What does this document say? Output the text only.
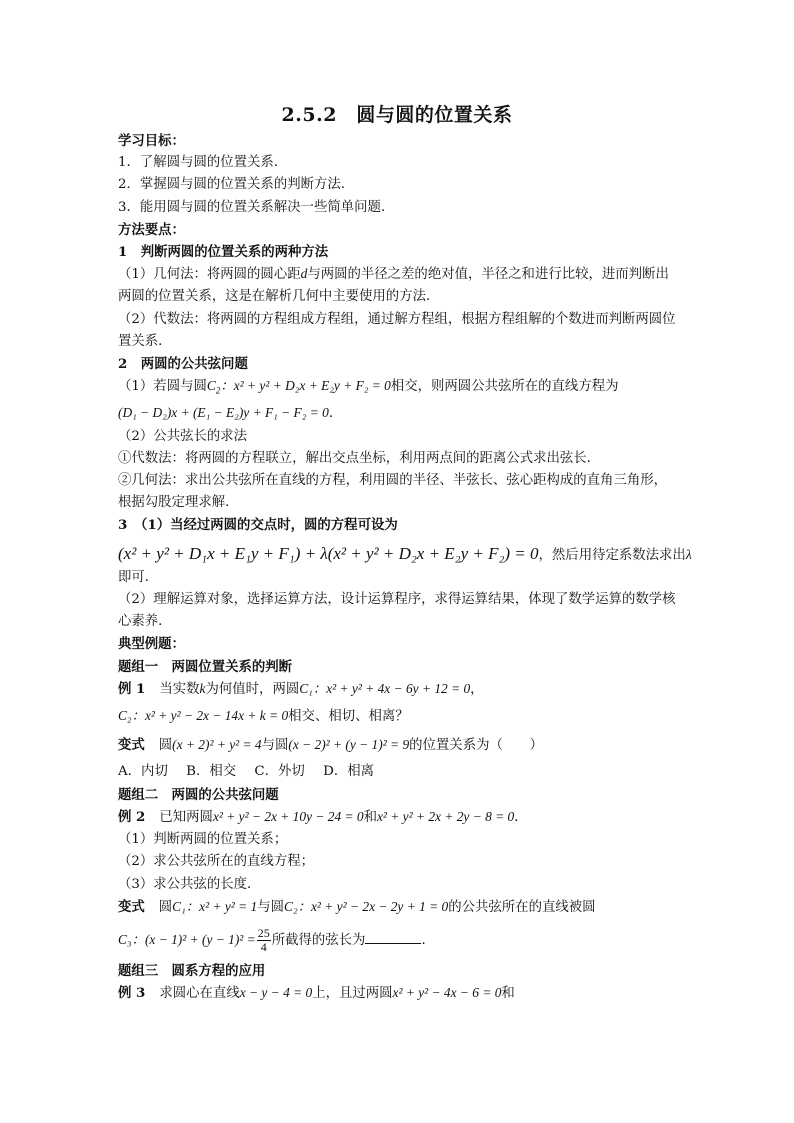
2.5.2　圆与圆的位置关系
学习目标：
1．了解圆与圆的位置关系．
2．掌握圆与圆的位置关系的判断方法．
3．能用圆与圆的位置关系解决一些简单问题．
方法要点：
1　判断两圆的位置关系的两种方法
（1）几何法：将两圆的圆心距d与两圆的半径之差的绝对值，半径之和进行比较，进而判断出两圆的位置关系，这是在解析几何中主要使用的方法．
（2）代数法：将两圆的方程组成方程组，通过解方程组，根据方程组解的个数进而判断两圆位置关系．
2　两圆的公共弦问题
（1）若圆与圆$C_2$：x² + y² + D₂x + E₂y + F₂ = 0相交，则两圆公共弦所在的直线方程为
(D₁ − D₂)x + (E₁ − E₂)y + F₁ − F₂ = 0．
（2）公共弦长的求法
①代数法：将两圆的方程联立，解出交点坐标，利用两点间的距离公式求出弦长．
②几何法：求出公共弦所在直线的方程，利用圆的半径、半弦长、弦心距构成的直角三角形，根据勾股定理求解．
3　（1）当经过两圆的交点时，圆的方程可设为
(x² + y² + D₁x + E₁y + F₁) + λ(x² + y² + D₂x + E₂y + F₂) = 0，然后用待定系数法求出λ
即可．
（2）理解运算对象，选择运算方法，设计运算程序，求得运算结果，体现了数学运算的数学核心素养．
典型例题：
题组一　两圆位置关系的判断
例 1 当实数k为何值时，两圆C₁：x² + y² + 4x − 6y + 12 = 0，
C₂：x² + y² − 2x − 14x + k = 0相交、相切、相离？
变式 圆(x + 2)² + y² = 4与圆(x − 2)² + (y − 1)² = 9的位置关系为（　　）
A．内切 B．相交 C．外切 D．相离
题组二　两圆的公共弦问题
例 2 已知两圆x² + y² − 2x + 10y − 24 = 0和x² + y² + 2x + 2y − 8 = 0．
（1）判断两圆的位置关系；
（2）求公共弦所在的直线方程；
（3）求公共弦的长度．
变式 圆C₁：x² + y² = 1与圆C₂：x² + y² − 2x − 2y + 1 = 0的公共弦所在的直线被圆
C₃：$(x - 1)^2 + (y - 1)^2 = \frac{25}{4}$ 所截得的弦长为	．
题组三　圆系方程的应用
例 3 求圆心在直线x − y − 4 = 0上，且过两圆x² + y² − 4x − 6 = 0和
